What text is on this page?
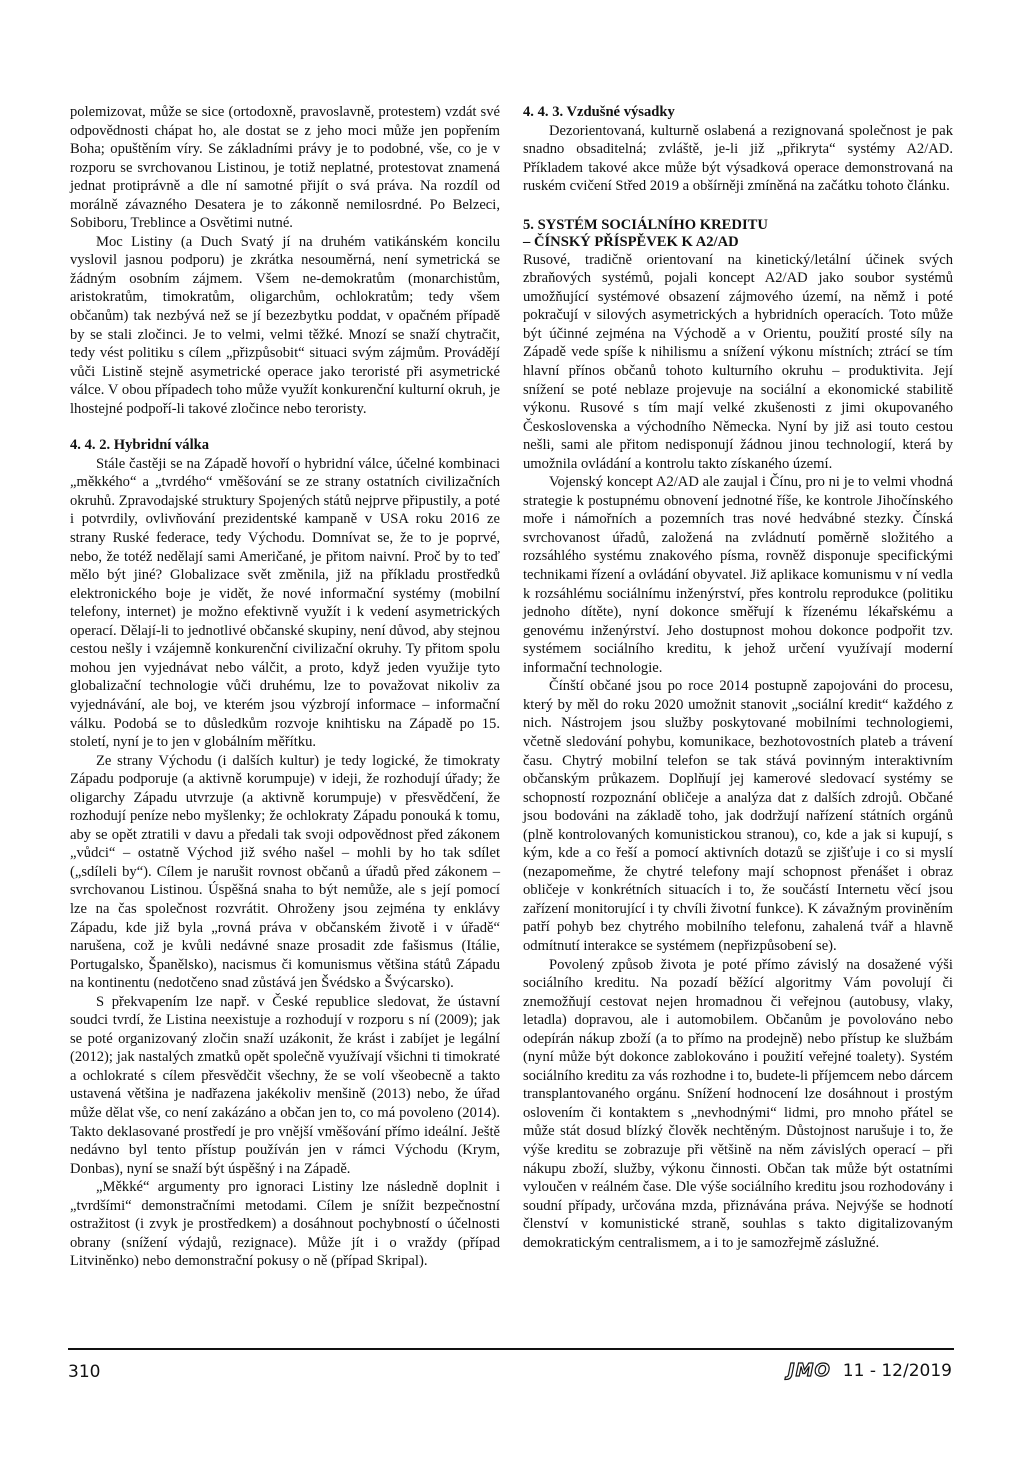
polemizovat, může se sice (ortodoxně, pravoslavně, protestem) vzdát své odpovědnosti chápat ho, ale dostat se z jeho moci může jen popřením Boha; opuštěním víry. Se základními právy je to podobné, vše, co je v rozporu se svrchovanou Listinou, je totiž neplatné, protestovat znamená jednat protiprávně a dle ní samotné přijít o svá práva. Na rozdíl od morálně závazného Desatera je to zákonně nemilosrdné. Po Belzeci, Sobiboru, Treblince a Osvětimi nutné.

Moc Listiny (a Duch Svatý jí na druhém vatikánském koncilu vyslovil jasnou podporu) je zkrátka nesouměrná, není symetrická se žádným osobním zájmem. Všem ne-demokratům (monarchistům, aristokratům, timokratům, oligarchům, ochlokratům; tedy všem občanům) tak nezbývá než se jí bezezbytku poddat, v opačném případě by se stali zločinci. Je to velmi, velmi těžké. Mnozí se snaží chytračit, tedy vést politiku s cílem „přizpůsobit“ situaci svým zájmům. Provádějí vůči Listině stejně asymetrické operace jako teroristé při asymetrické válce. V obou případech toho může využít konkurenční kulturní okruh, je lhostejné podpoří-li takové zločince nebo teroristy.

4. 4. 2. Hybridní válka

Stále častěji se na Západě hovoří o hybridní válce, účelné kombinaci „měkkého“ a „tvrdého“ vměšování se ze strany ostatních civilizačních okruhů. Zpravodajské struktury Spojených států nejprve připustily, a poté i potvrdily, ovlivňování prezidentské kampaně v USA roku 2016 ze strany Ruské federace, tedy Východu. Domnívat se, že to je poprvé, nebo, že totéž nedělají sami Američané, je přitom naivní. Proč by to teď mělo být jiné? Globalizace svět změnila, již na příkladu prostředků elektronického boje je vidět, že nové informační systémy (mobilní telefony, internet) je možno efektivně využít i k vedení asymetrických operací. Dělají-li to jednotlivé občanské skupiny, není důvod, aby stejnou cestou nešly i vzájemně konkurenční civilizační okruhy. Ty přitom spolu mohou jen vyjednávat nebo válčit, a proto, když jeden využije tyto globalizační technologie vůči druhému, lze to považovat nikoliv za vyjednávání, ale boj, ve kterém jsou výzbrojí informace – informační válku. Podobá se to důsledkům rozvoje knihtisku na Západě po 15. století, nyní je to jen v globálním měřítku.

Ze strany Východu (i dalších kultur) je tedy logické, že timokraty Západu podporuje (a aktivně korumpuje) v ideji, že rozhodují úřady; že oligarchy Západu utvrzuje (a aktivně korumpuje) v přesvědčení, že rozhodují peníze nebo myšlenky; že ochlokraty Západu ponouká k tomu, aby se opět ztratili v davu a předali tak svoji odpovědnost před zákonem „vůdci“ – ostatně Východ již svého našel – mohli by ho tak sdílet („sdíleli by“). Cílem je narušit rovnost občanů a úřadů před zákonem – svrchovanou Listinou. Úspěšná snaha to být nemůže, ale s její pomocí lze na čas společnost rozvrátit. Ohroženy jsou zejména ty enklávy Západu, kde již byla „rovná práva v občanském životě i v úřadě“ narušena, což je kvůli nedávné snaze prosadit zde fašismus (Itálie, Portugalsko, Španělsko), nacismus či komunismus většina států Západu na kontinentu (nedotčeno snad zůstává jen Švédsko a Švýcarsko).

S překvapením lze např. v České republice sledovat, že ústavní soudci tvrdí, že Listina neexistuje a rozhodují v rozporu s ní (2009); jak se poté organizovaný zločin snaží uzákonit, že krást i zabíjet je legální (2012); jak nastalých zmatků opět společně využívají všichni ti timokraté a ochlokraté s cílem přesvědčit všechny, že se volí všeobecně a takto ustavená většina je nadřazena jakékoliv menšině (2013) nebo, že úřad může dělat vše, co není zakázáno a občan jen to, co má povoleno (2014). Takto deklasované prostředí je pro vnější vměšování přímo ideální. Ještě nedávno byl tento přístup používán jen v rámci Východu (Krym, Donbas), nyní se snaží být úspěšný i na Západě.

„Měkké“ argumenty pro ignoraci Listiny lze následně doplnit i „tvrdšími“ demonstračními metodami. Cílem je snížit bezpečnostní ostražitost (i zvyk je prostředkem) a dosáhnout pochybností o účelnosti obrany (snížení výdajů, rezignace). Může jít i o vraždy (případ Litviněnko) nebo demonstrační pokusy o ně (případ Skripal).

4. 4. 3. Vzdušné výsadky

Dezorientovaná, kulturně oslabená a rezignovaná společnost je pak snadno obsaditelná; zvláště, je-li již „přikryta“ systémy A2/AD. Příkladem takové akce může být výsadková operace demonstrovaná na ruském cvičení Střed 2019 a obšírněji zmíněná na začátku tohoto článku.

5. SYSTÉM SOCIÁLNÍHO KREDITU
– ČÍNSKÝ PŘÍSPĚVEK K A2/AD

Rusové, tradičně orientovaní na kinetický/letální účinek svých zbraňových systémů, pojali koncept A2/AD jako soubor systémů umožňující systémové obsazení zájmového území, na němž i poté pokračují v silových asymetrických a hybridních operacích. Toto může být účinné zejména na Východě a v Orientu, použití prosté síly na Západě vede spíše k nihilismu a snížení výkonu místních; ztrácí se tím hlavní přínos občanů tohoto kulturního okruhu – produktivita. Její snížení se poté neblaze projevuje na sociální a ekonomické stabilitě výkonu. Rusové s tím mají velké zkušenosti z jimi okupovaného Československa a východního Německa. Nyní by již asi touto cestou nešli, sami ale přitom nedisponují žádnou jinou technologií, která by umožnila ovládání a kontrolu takto získaného území.

Vojenský koncept A2/AD ale zaujal i Čínu, pro ni je to velmi vhodná strategie k postupnému obnovení jednotné říše, ke kontrole Jihočínského moře i námořních a pozemních tras nové hedvábné stezky. Čínská svrchovanost úřadů, založená na zvládnutí poměrně složitého a rozsáhlého systému znakového písma, rovněž disponuje specifickými technikami řízení a ovládání obyvatel. Již aplikace komunismu v ní vedla k rozsáhlému sociálnímu inženýrství, přes kontrolu reprodukce (politiku jednoho dítěte), nyní dokonce směřují k řízenému lékařskému a genovému inženýrství. Jeho dostupnost mohou dokonce podpořit tzv. systémem sociálního kreditu, k jehož určení využívají moderní informační technologie.

Čínští občané jsou po roce 2014 postupně zapojováni do procesu, který by měl do roku 2020 umožnit stanovit „sociální kredit“ každého z nich. Nástrojem jsou služby poskytované mobilními technologiemi, včetně sledování pohybu, komunikace, bezhotovostních plateb a trávení času. Chytrý mobilní telefon se tak stává povinným interaktivním občanským průkazem. Doplňují jej kamerové sledovací systémy se schopností rozpoznání obličeje a analýza dat z dalších zdrojů. Občané jsou bodováni na základě toho, jak dodržují nařízení státních orgánů (plně kontrolovaných komunistickou stranou), co, kde a jak si kupují, s kým, kde a co řeší a pomocí aktivních dotazů se zjišťuje i co si myslí (nezapomeňme, že chytré telefony mají schopnost přenášet i obraz obličeje v konkrétních situacích i to, že součástí Internetu věcí jsou zařízení monitorující i ty chvíli životní funkce). K závažným proviněním patří pohyb bez chytrého mobilního telefonu, zahalená tvář a hlavně odmítnutí interakce se systémem (nepřizpůsobení se).

Povolený způsob života je poté přímo závislý na dosažené výši sociálního kreditu. Na pozadí běžící algoritmy Vám povolují či znemožňují cestovat nejen hromadnou či veřejnou (autobusy, vlaky, letadla) dopravou, ale i automobilem. Občanům je povolováno nebo odepírán nákup zboží (a to přímo na prodejně) nebo přístup ke službám (nyní může být dokonce zablokováno i použití veřejné toalety). Systém sociálního kreditu za vás rozhodne i to, budete-li příjemcem nebo dárcem transplantovaného orgánu. Snížení hodnocení lze dosáhnout i prostým oslovením či kontaktem s „nevhodnými“ lidmi, pro mnoho přátel se může stát dosud blízký člověk nechtěným. Důstojnost narušuje i to, že výše kreditu se zobrazuje při většině na něm závislých operací – při nákupu zboží, služby, výkonu činnosti. Občan tak může být ostatními vyloučen v reálném čase. Dle výše sociálního kreditu jsou rozhodovány i soudní případy, určována mzda, přiznávána práva. Nejvýše se hodnotí členství v komunistické straně, souhlas s takto digitalizovaným demokratickým centralismem, a i to je samozřejmě záslužné.

310	JMO 11 - 12/2019
